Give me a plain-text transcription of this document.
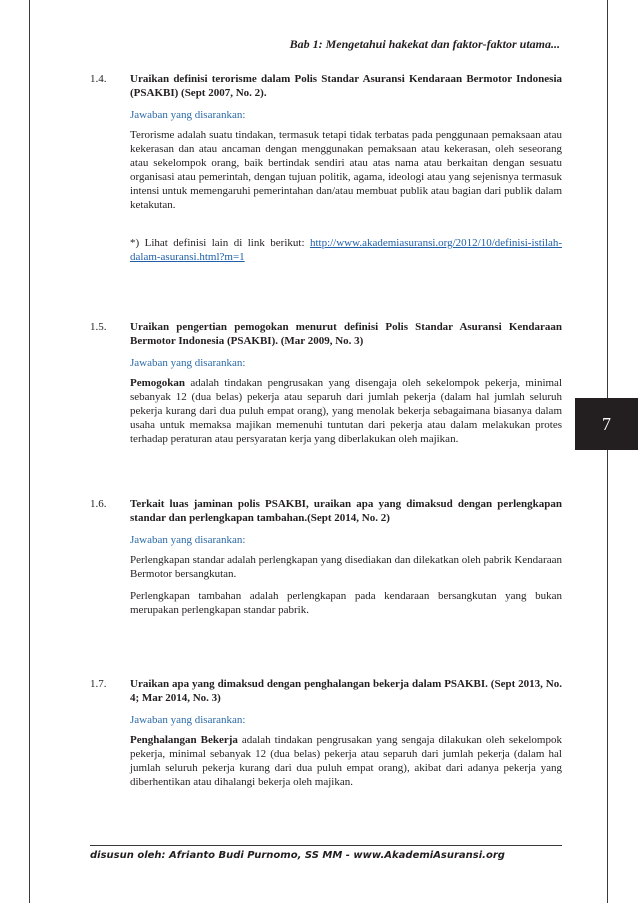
Bab 1: Mengetahui hakekat dan faktor-faktor utama...
1.4.	Uraikan definisi terorisme dalam Polis Standar Asuransi Kendaraan Bermotor Indonesia (PSAKBI) (Sept 2007, No. 2).
Jawaban yang disarankan:

Terorisme adalah suatu tindakan, termasuk tetapi tidak terbatas pada penggunaan pemaksaan atau kekerasan dan atau ancaman dengan menggunakan pemaksaan atau kekerasan, oleh seseorang atau sekelompok orang, baik bertindak sendiri atau atas nama atau berkaitan dengan sesuatu organisasi atau pemerintah, dengan tujuan politik, agama, ideologi atau yang sejenisnya termasuk intensi untuk memengaruhi pemerintahan dan/atau membuat publik atau bagian dari publik dalam ketakutan.

*) Lihat definisi lain di link berikut: http://www.akademiasuransi.org/2012/10/definisi-istilah-dalam-asuransi.html?m=1
1.5.	Uraikan pengertian pemogokan menurut definisi Polis Standar Asuransi Kendaraan Bermotor Indonesia (PSAKBI). (Mar 2009, No. 3)
Jawaban yang disarankan:

Pemogokan adalah tindakan pengrusakan yang disengaja oleh sekelompok pekerja, minimal sebanyak 12 (dua belas) pekerja atau separuh dari jumlah pekerja (dalam hal jumlah seluruh pekerja kurang dari dua puluh empat orang), yang menolak bekerja sebagaimana biasanya dalam usaha untuk memaksa majikan memenuhi tuntutan dari pekerja atau dalam melakukan protes terhadap peraturan atau persyaratan kerja yang diberlakukan oleh majikan.

1.6.	Terkait luas jaminan polis PSAKBI, uraikan apa yang dimaksud dengan perlengkapan standar dan perlengkapan tambahan.(Sept 2014, No. 2)
Jawaban yang disarankan:

Perlengkapan standar adalah perlengkapan yang disediakan dan dilekatkan oleh pabrik Kendaraan Bermotor bersangkutan.

Perlengkapan tambahan adalah perlengkapan pada kendaraan bersangkutan yang bukan merupakan perlengkapan standar pabrik.

1.7.	Uraikan apa yang dimaksud dengan penghalangan bekerja dalam PSAKBI. (Sept 2013, No. 4; Mar 2014, No. 3)
Jawaban yang disarankan:

Penghalangan Bekerja adalah tindakan pengrusakan yang sengaja dilakukan oleh sekelompok pekerja, minimal sebanyak 12 (dua belas) pekerja atau separuh dari jumlah pekerja (dalam hal jumlah seluruh pekerja kurang dari dua puluh empat orang), akibat dari adanya pekerja yang diberhentikan atau dihalangi bekerja oleh majikan.

7
disusun oleh: Afrianto Budi Purnomo, SS MM - www.AkademiAsuransi.org
